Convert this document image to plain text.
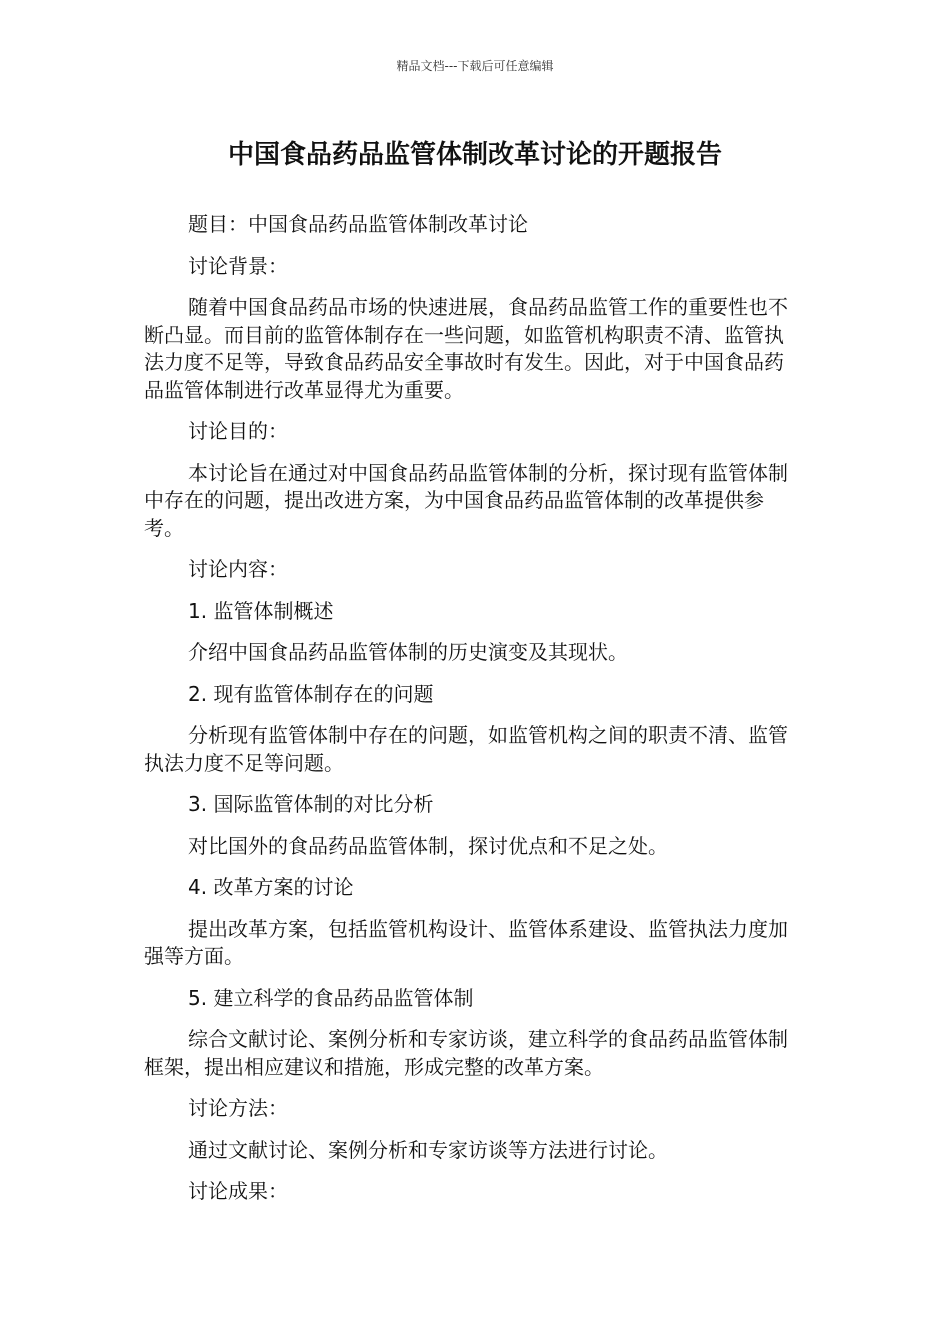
精品文档---下载后可任意编辑
中国食品药品监管体制改革讨论的开题报告

题目：中国食品药品监管体制改革讨论

讨论背景：

随着中国食品药品市场的快速进展，食品药品监管工作的重要性也不断凸显。而目前的监管体制存在一些问题，如监管机构职责不清、监管执法力度不足等，导致食品药品安全事故时有发生。因此，对于中国食品药品监管体制进行改革显得尤为重要。

讨论目的：

本讨论旨在通过对中国食品药品监管体制的分析，探讨现有监管体制中存在的问题，提出改进方案，为中国食品药品监管体制的改革提供参考。

讨论内容：

1. 监管体制概述

介绍中国食品药品监管体制的历史演变及其现状。

2. 现有监管体制存在的问题

分析现有监管体制中存在的问题，如监管机构之间的职责不清、监管执法力度不足等问题。

3. 国际监管体制的对比分析

对比国外的食品药品监管体制，探讨优点和不足之处。

4. 改革方案的讨论

提出改革方案，包括监管机构设计、监管体系建设、监管执法力度加强等方面。

5. 建立科学的食品药品监管体制

综合文献讨论、案例分析和专家访谈，建立科学的食品药品监管体制框架，提出相应建议和措施，形成完整的改革方案。

讨论方法：

通过文献讨论、案例分析和专家访谈等方法进行讨论。

讨论成果：
